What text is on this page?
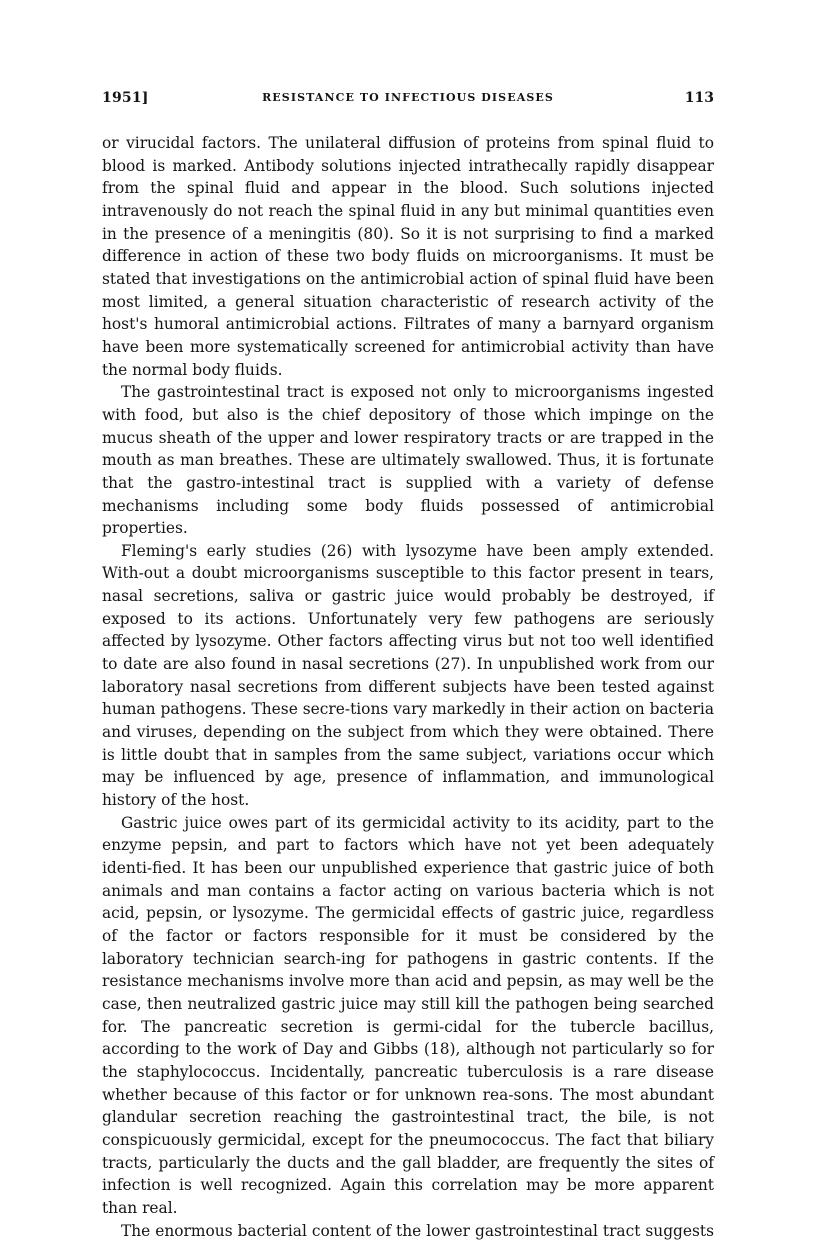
1951]	RESISTANCE TO INFECTIOUS DISEASES	113

or virucidal factors. The unilateral diffusion of proteins from spinal fluid to blood is marked. Antibody solutions injected intrathecally rapidly disappear from the spinal fluid and appear in the blood. Such solutions injected intravenously do not reach the spinal fluid in any but minimal quantities even in the presence of a meningitis (80). So it is not surprising to find a marked difference in action of these two body fluids on microorganisms. It must be stated that investigations on the antimicrobial action of spinal fluid have been most limited, a general situation characteristic of research activity of the host's humoral antimicrobial actions. Filtrates of many a barnyard organism have been more systematically screened for antimicrobial activity than have the normal body fluids.

The gastrointestinal tract is exposed not only to microorganisms ingested with food, but also is the chief depository of those which impinge on the mucus sheath of the upper and lower respiratory tracts or are trapped in the mouth as man breathes. These are ultimately swallowed. Thus, it is fortunate that the gastro-intestinal tract is supplied with a variety of defense mechanisms including some body fluids possessed of antimicrobial properties.

Fleming's early studies (26) with lysozyme have been amply extended. With-out a doubt microorganisms susceptible to this factor present in tears, nasal secretions, saliva or gastric juice would probably be destroyed, if exposed to its actions. Unfortunately very few pathogens are seriously affected by lysozyme. Other factors affecting virus but not too well identified to date are also found in nasal secretions (27). In unpublished work from our laboratory nasal secretions from different subjects have been tested against human pathogens. These secre-tions vary markedly in their action on bacteria and viruses, depending on the subject from which they were obtained. There is little doubt that in samples from the same subject, variations occur which may be influenced by age, presence of inflammation, and immunological history of the host.

Gastric juice owes part of its germicidal activity to its acidity, part to the enzyme pepsin, and part to factors which have not yet been adequately identi-fied. It has been our unpublished experience that gastric juice of both animals and man contains a factor acting on various bacteria which is not acid, pepsin, or lysozyme. The germicidal effects of gastric juice, regardless of the factor or factors responsible for it must be considered by the laboratory technician search-ing for pathogens in gastric contents. If the resistance mechanisms involve more than acid and pepsin, as may well be the case, then neutralized gastric juice may still kill the pathogen being searched for. The pancreatic secretion is germi-cidal for the tubercle bacillus, according to the work of Day and Gibbs (18), although not particularly so for the staphylococcus. Incidentally, pancreatic tuberculosis is a rare disease whether because of this factor or for unknown rea-sons. The most abundant glandular secretion reaching the gastrointestinal tract, the bile, is not conspicuously germicidal, except for the pneumococcus. The fact that biliary tracts, particularly the ducts and the gall bladder, are frequently the sites of infection is well recognized. Again this correlation may be more apparent than real.

The enormous bacterial content of the lower gastrointestinal tract suggests
